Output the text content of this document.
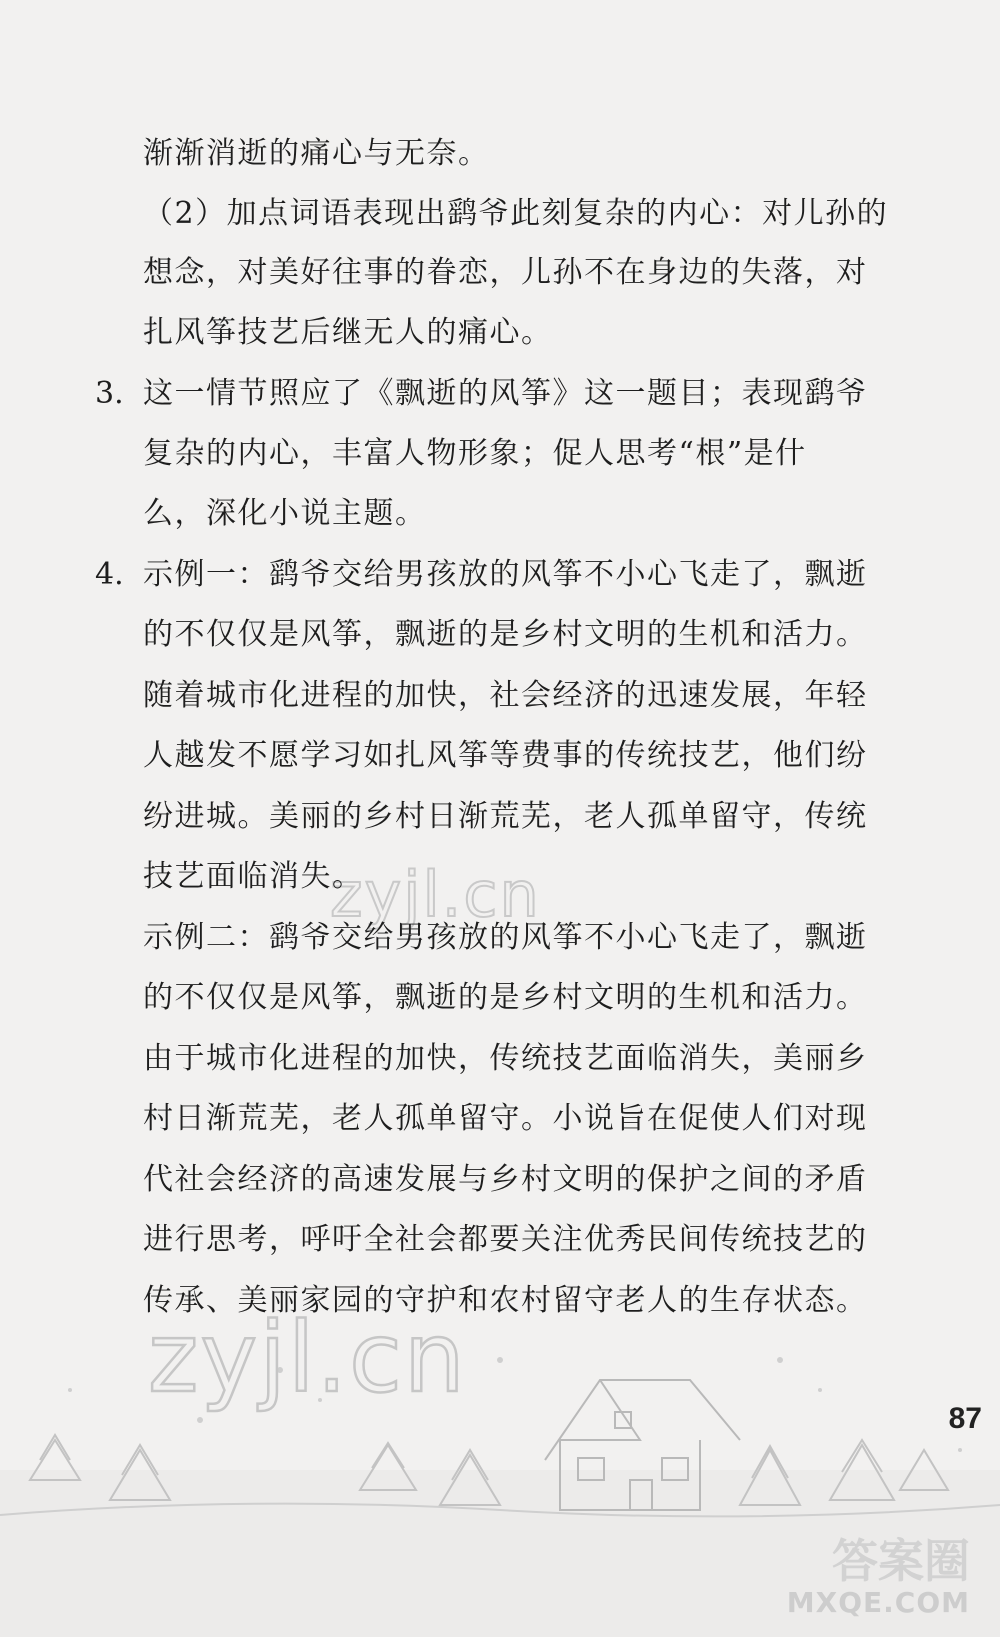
zyjl.cn
zyjl.cn
渐渐消逝的痛心与无奈。
（2）加点词语表现出鹞爷此刻复杂的内心：对儿孙的
想念，对美好往事的眷恋，儿孙不在身边的失落，对
扎风筝技艺后继无人的痛心。
3. 这一情节照应了《飘逝的风筝》这一题目；表现鹞爷
复杂的内心，丰富人物形象；促人思考“根”是什
么，深化小说主题。
4. 示例一：鹞爷交给男孩放的风筝不小心飞走了，飘逝
的不仅仅是风筝，飘逝的是乡村文明的生机和活力。
随着城市化进程的加快，社会经济的迅速发展，年轻
人越发不愿学习如扎风筝等费事的传统技艺，他们纷
纷进城。美丽的乡村日渐荒芜，老人孤单留守，传统
技艺面临消失。
示例二：鹞爷交给男孩放的风筝不小心飞走了，飘逝
的不仅仅是风筝，飘逝的是乡村文明的生机和活力。
由于城市化进程的加快，传统技艺面临消失，美丽乡
村日渐荒芜，老人孤单留守。小说旨在促使人们对现
代社会经济的高速发展与乡村文明的保护之间的矛盾
进行思考，呼吁全社会都要关注优秀民间传统技艺的
传承、美丽家园的守护和农村留守老人的生存状态。
87
答案圈
MXQE.COM
